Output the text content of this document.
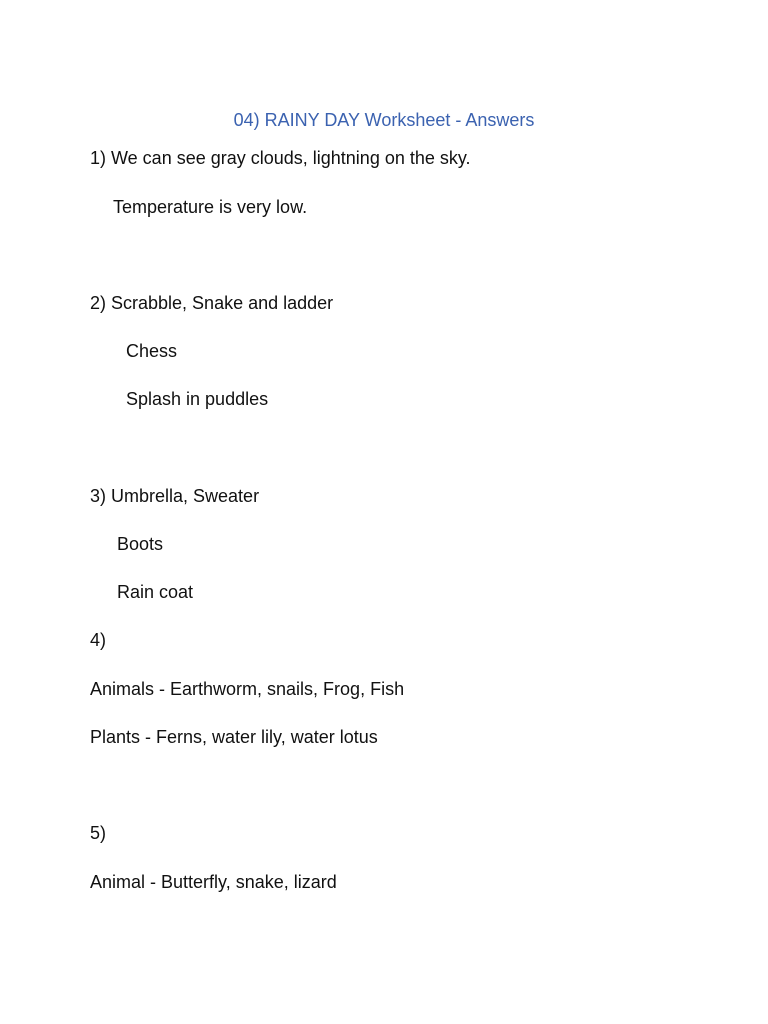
04) RAINY DAY Worksheet - Answers
1) We can see gray clouds, lightning on the sky.
Temperature is very low.
2) Scrabble, Snake and ladder
Chess
Splash in puddles
3) Umbrella, Sweater
Boots
Rain coat
4)
Animals - Earthworm, snails, Frog, Fish
Plants - Ferns, water lily, water lotus
5)
Animal - Butterfly, snake, lizard
